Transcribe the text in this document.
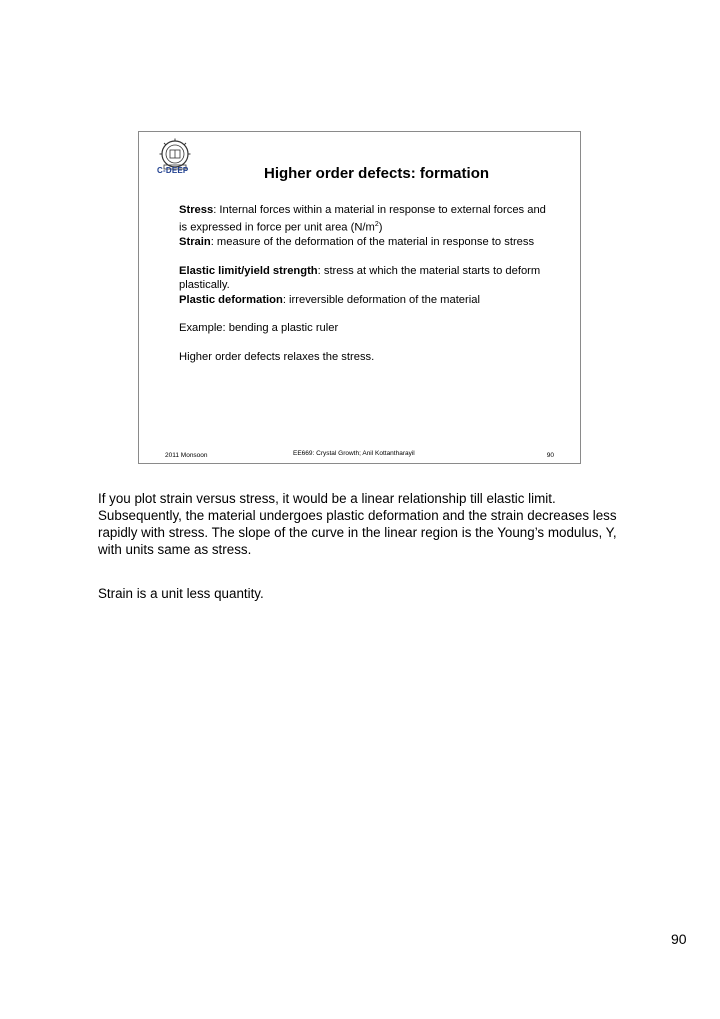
C-DEEP	Higher order defects: formation

Stress: Internal forces within a material in response to external forces and is expressed in force per unit area $(N/m^2)$

Strain: measure of the deformation of the material in response to stress

Elastic limit/yield strength: stress at which the material starts to deform plastically.

Plastic deformation: irreversible deformation of the material

Example: bending a plastic ruler

Higher order defects relaxes the stress.

2011 Monsoon	EE669: Crystal Growth; Anil Kottantharayil	90

If you plot strain versus stress, it would be a linear relationship till elastic limit. Subsequently, the material undergoes plastic deformation and the strain decreases less rapidly with stress. The slope of the curve in the linear region is the Young’s modulus, Y, with units same as stress.

Strain is a unit less quantity.

90
